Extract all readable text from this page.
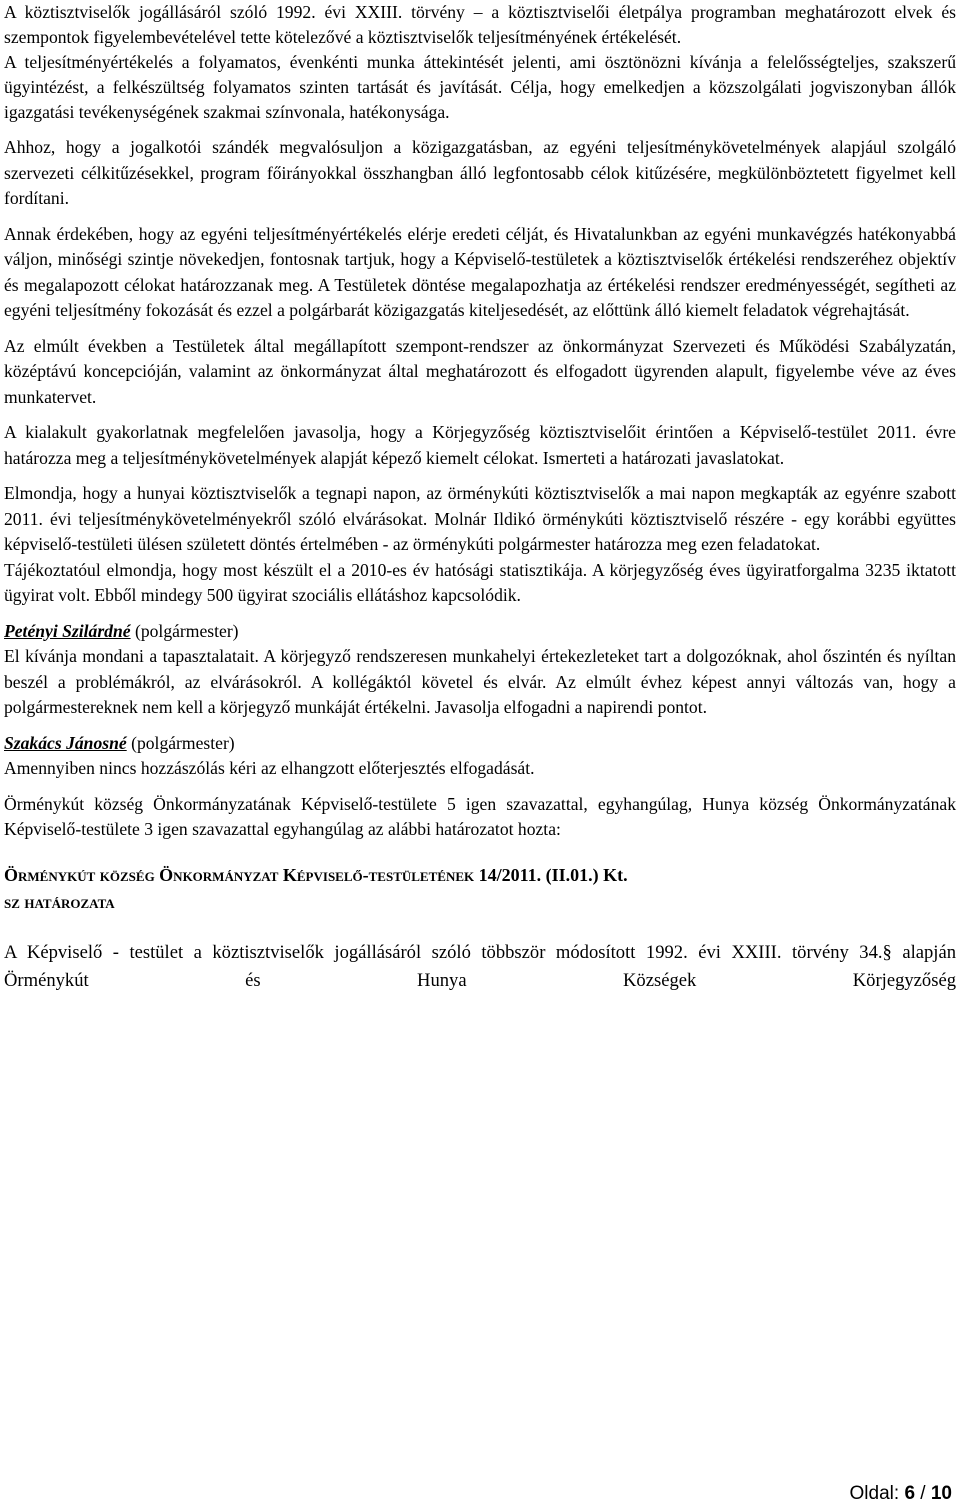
A köztisztviselők jogállásáról szóló 1992. évi XXIII. törvény – a köztisztviselői életpálya programban meghatározott elvek és szempontok figyelembevételével tette kötelezővé a köztisztviselők teljesítményének értékelését.

A teljesítményértékelés a folyamatos, évenkénti munka áttekintését jelenti, ami ösztönözni kívánja a felelősségteljes, szakszerű ügyintézést, a felkészültség folyamatos szinten tartását és javítását. Célja, hogy emelkedjen a közszolgálati jogviszonyban állók igazgatási tevékenységének szakmai színvonala, hatékonysága.

Ahhoz, hogy a jogalkotói szándék megvalósuljon a közigazgatásban, az egyéni teljesítménykövetelmények alapjául szolgáló szervezeti célkitűzésekkel, program főirányokkal összhangban álló legfontosabb célok kitűzésére, megkülönböztetett figyelmet kell fordítani.

Annak érdekében, hogy az egyéni teljesítményértékelés elérje eredeti célját, és Hivatalunkban az egyéni munkavégzés hatékonyabbá váljon, minőségi szintje növekedjen, fontosnak tartjuk, hogy a Képviselő-testületek a köztisztviselők értékelési rendszeréhez objektív és megalapozott célokat határozzanak meg. A Testületek döntése megalapozhatja az értékelési rendszer eredményességét, segítheti az egyéni teljesítmény fokozását és ezzel a polgárbarát közigazgatás kiteljesedését, az előttünk álló kiemelt feladatok végrehajtását.

Az elmúlt években a Testületek által megállapított szempont-rendszer az önkormányzat Szervezeti és Működési Szabályzatán, középtávú koncepcióján, valamint az önkormányzat által meghatározott és elfogadott ügyrenden alapult, figyelembe véve az éves munkatervet.

A kialakult gyakorlatnak megfelelően javasolja, hogy a Körjegyzőség köztisztviselőit érintően a Képviselő-testület 2011. évre határozza meg a teljesítménykövetelmények alapját képező kiemelt célokat. Ismerteti a határozati javaslatokat.

Elmondja, hogy a hunyai köztisztviselők a tegnapi napon, az örménykúti köztisztviselők a mai napon megkapták az egyénre szabott 2011. évi teljesítménykövetelményekről szóló elvárásokat. Molnár Ildikó örménykúti köztisztviselő részére - egy korábbi együttes képviselő-testületi ülésen született döntés értelmében - az örménykúti polgármester határozza meg ezen feladatokat.

Tájékoztatóul elmondja, hogy most készült el a 2010-es év hatósági statisztikája. A körjegyzőség éves ügyiratforgalma 3235 iktatott ügyirat volt. Ebből mindegy 500 ügyirat szociális ellátáshoz kapcsolódik.

Petényi Szilárdné (polgármester)

El kívánja mondani a tapasztalatait. A körjegyző rendszeresen munkahelyi értekezleteket tart a dolgozóknak, ahol őszintén és nyíltan beszél a problémákról, az elvárásokról. A kollégáktól követel és elvár. Az elmúlt évhez képest annyi változás van, hogy a polgármestereknek nem kell a körjegyző munkáját értékelni. Javasolja elfogadni a napirendi pontot.

Szakács Jánosné (polgármester)

Amennyiben nincs hozzászólás kéri az elhangzott előterjesztés elfogadását.

Örménykút község Önkormányzatának Képviselő-testülete 5 igen szavazattal, egyhangúlag, Hunya község Önkormányzatának Képviselő-testülete 3 igen szavazattal egyhangúlag az alábbi határozatot hozta:

Örménykút község Önkormányzat Képviselő-testületének 14/2011. (II.01.) Kt.

sz határozata

A Képviselő - testület a köztisztviselők jogállásáról szóló többször módosított 1992. évi XXIII. törvény 34.§ alapján Örménykút és Hunya Községek Körjegyzőség

Oldal: 6 / 10
